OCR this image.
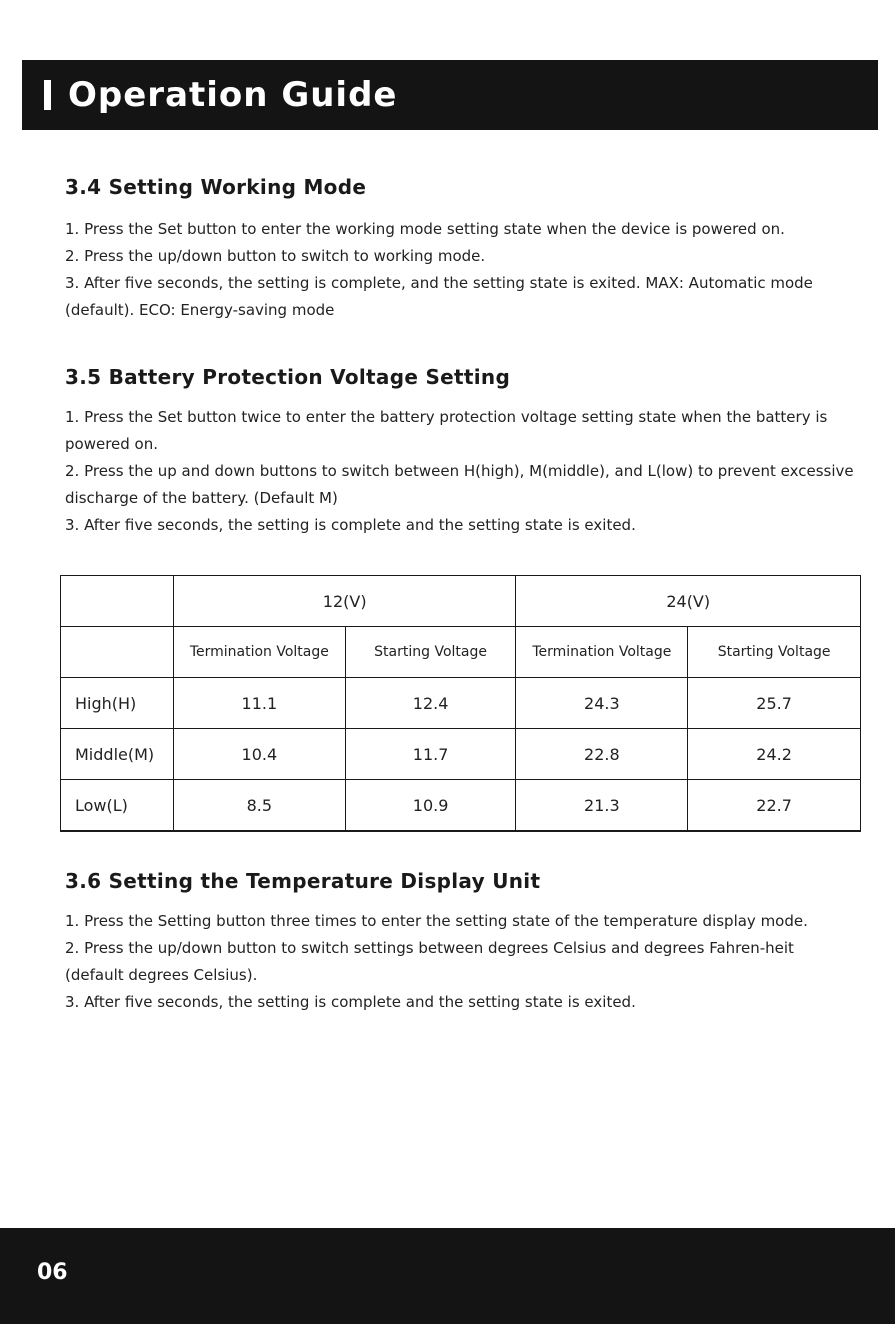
Operation Guide
3.4 Setting Working Mode

1. Press the Set button to enter the working mode setting state when the device is powered on.

2. Press the up/down button to switch to working mode.

3. After five seconds, the setting is complete, and the setting state is exited. MAX: Automatic mode (default). ECO: Energy-saving mode

3.5 Battery Protection Voltage Setting

1. Press the Set button twice to enter the battery protection voltage setting state when the battery is powered on.

2. Press the up and down buttons to switch between H(high), M(middle), and L(low) to prevent excessive discharge of the battery. (Default M)

3. After five seconds, the setting is complete and the setting state is exited.

	12(V)		24(V)	
	Termination Voltage	Starting Voltage	Termination Voltage	Starting Voltage
High(H)	11.1	12.4	24.3	25.7
Middle(M)	10.4	11.7	22.8	24.2
Low(L)	8.5	10.9	21.3	22.7
3.6 Setting the Temperature Display Unit

1. Press the Setting button three times to enter the setting state of the temperature display mode.

2. Press the up/down button to switch settings between degrees Celsius and degrees Fahren-heit (default degrees Celsius).

3. After five seconds, the setting is complete and the setting state is exited.

06
